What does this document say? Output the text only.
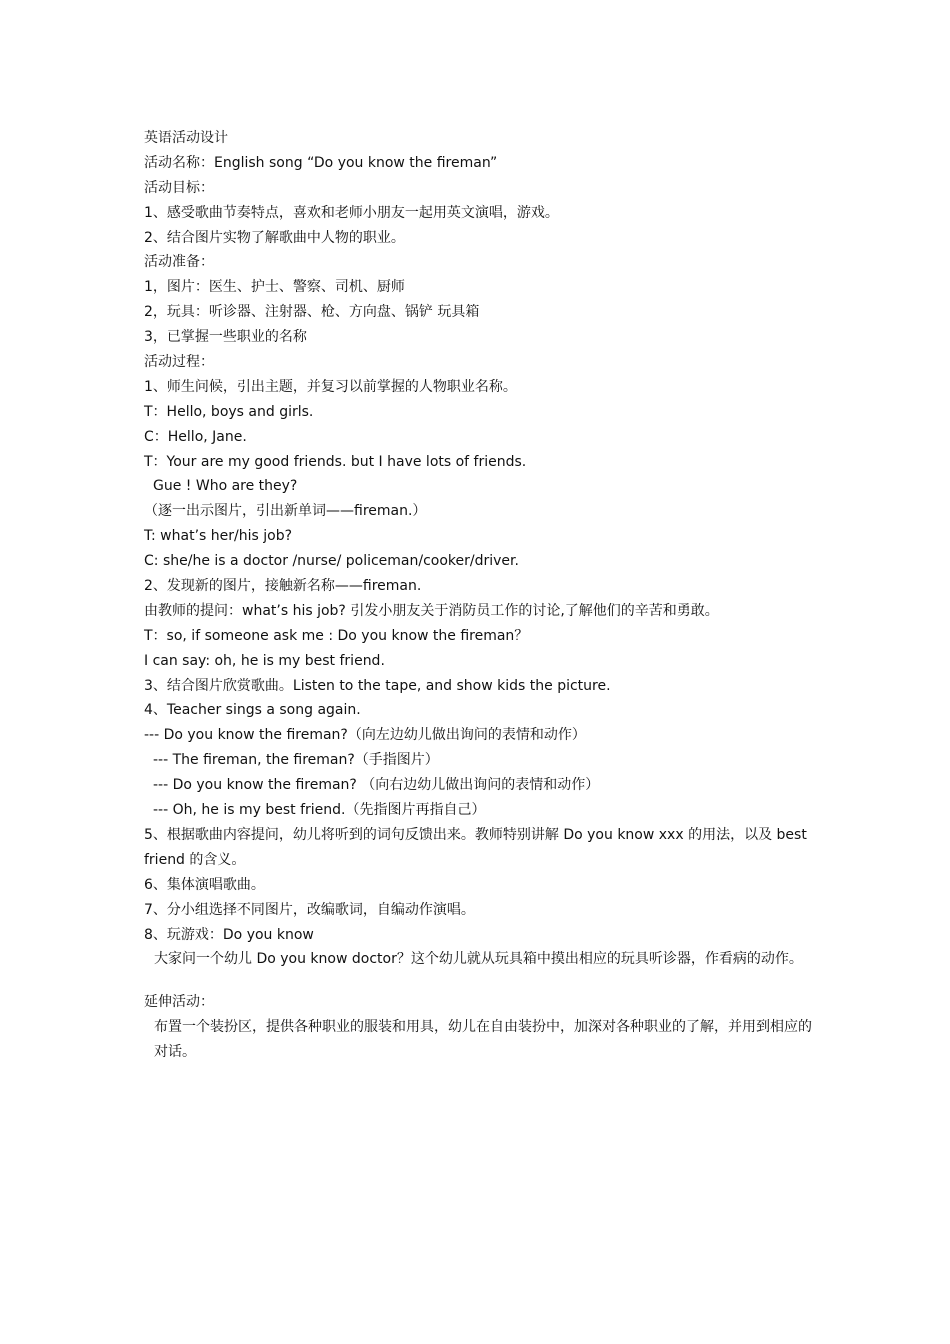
英语活动设计
活动名称：English song “Do you know the fireman”
活动目标：
1、感受歌曲节奏特点，喜欢和老师小朋友一起用英文演唱，游戏。
2、结合图片实物了解歌曲中人物的职业。
活动准备：
1，图片：医生、护士、警察、司机、厨师
2，玩具：听诊器、注射器、枪、方向盘、锅铲 玩具箱
3，已掌握一些职业的名称
活动过程：
1、师生问候，引出主题，并复习以前掌握的人物职业名称。
T：Hello, boys and girls.
C：Hello, Jane.
T：Your are my good friends. but I have lots of friends.
Gue ! Who are they?
（逐一出示图片，引出新单词——fireman.）
T: what’s her/his job?
C: she/he is a doctor /nurse/ policeman/cooker/driver.
2、发现新的图片，接触新名称——fireman.
由教师的提问：what’s his job? 引发小朋友关于消防员工作的讨论,了解他们的辛苦和勇敢。
T：so, if someone ask me : Do you know the fireman？
I can say: oh, he is my best friend.
3、结合图片欣赏歌曲。Listen to the tape, and show kids the picture.
4、Teacher sings a song again.
--- Do you know the fireman?（向左边幼儿做出询问的表情和动作）
--- The fireman, the fireman?（手指图片）
--- Do you know the fireman? （向右边幼儿做出询问的表情和动作）
--- Oh, he is my best friend.（先指图片再指自己）
5、根据歌曲内容提问，幼儿将听到的词句反馈出来。教师特别讲解 Do you know xxx 的用法，以及 best friend 的含义。
6、集体演唱歌曲。
7、分小组选择不同图片，改编歌词，自编动作演唱。
8、玩游戏：Do you know
大家问一个幼儿 Do you know doctor？这个幼儿就从玩具箱中摸出相应的玩具听诊器，作看病的动作。
延伸活动：
布置一个装扮区，提供各种职业的服装和用具，幼儿在自由装扮中，加深对各种职业的了解，并用到相应的对话。
